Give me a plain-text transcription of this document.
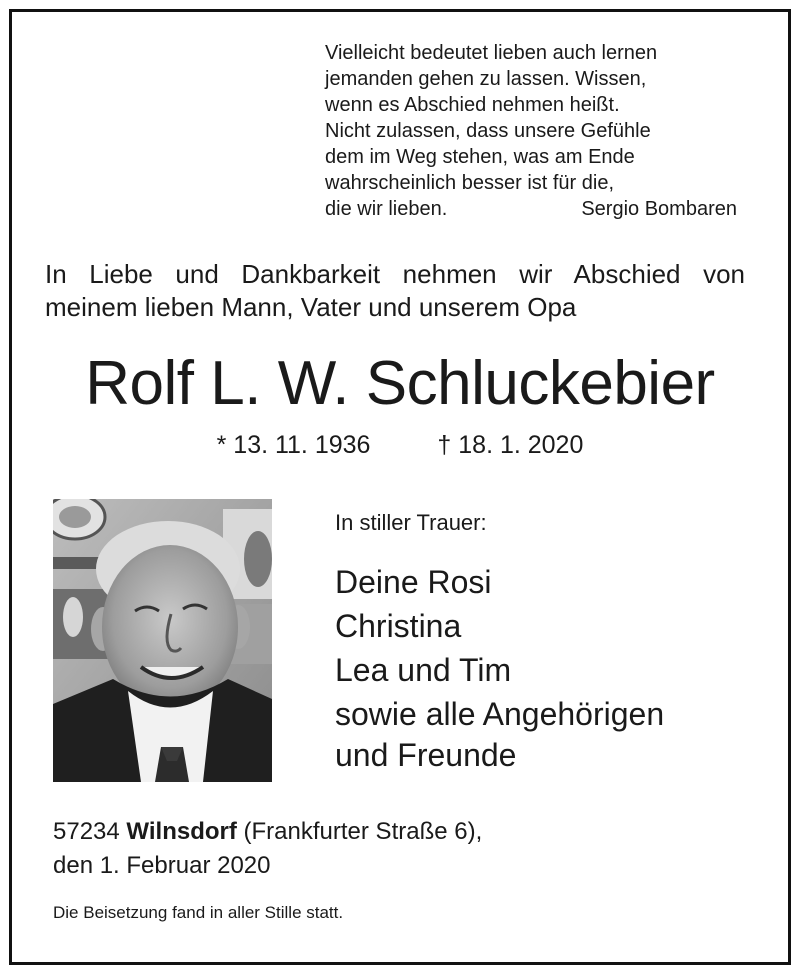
Vielleicht bedeutet lieben auch lernen
jemanden gehen zu lassen. Wissen,
wenn es Abschied nehmen heißt.
Nicht zulassen, dass unsere Gefühle
dem im Weg stehen, was am Ende
wahrscheinlich besser ist für die,
die wir lieben.	Sergio Bombaren
In Liebe und Dankbarkeit nehmen wir Abschied von
meinem lieben Mann, Vater und unserem Opa
Rolf L. W. Schluckebier
* 13. 11. 1936	† 18. 1. 2020
In stiller Trauer:
Deine Rosi
Christina
Lea und Tim
sowie alle Angehörigen
und Freunde
57234 Wilnsdorf (Frankfurter Straße 6),
den 1. Februar 2020
Die Beisetzung fand in aller Stille statt.
